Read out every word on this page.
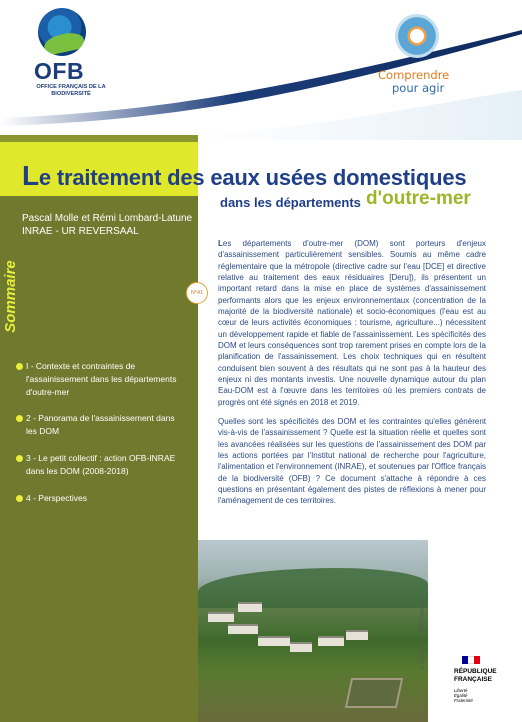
OFB
OFFICE FRANÇAIS DE LA BIODIVERSITÉ
Comprendre
pour agir
Le traitement des eaux usées domestiques
dans les départements d'outre-mer
Pascal Molle et Rémi Lombard-Latune
INRAE - UR REVERSAAL
Sommaire	N°41
I - Contexte et contraintes de l'assainissement dans les départements d'outre-mer
2 - Panorama de l'assainissement dans les DOM
3 - Le petit collectif : action OFB-INRAE dans les DOM (2008-2018)
4 - Perspectives
Les départements d'outre-mer (DOM) sont porteurs d'enjeux d'assainissement particulièrement sensibles. Soumis au même cadre réglementaire que la métropole (directive cadre sur l'eau [DCE] et directive relative au traitement des eaux résiduaires [Deru]), ils présentent un important retard dans la mise en place de systèmes d'assainissement performants alors que les enjeux environnementaux (concentration de la majorité de la biodiversité nationale) et socio-économiques (l'eau est au cœur de leurs activités économiques : tourisme, agriculture...) nécessitent un développement rapide et fiable de l'assainissement. Les spécificités des DOM et leurs conséquences sont trop rarement prises en compte lors de la planification de l'assainissement. Les choix techniques qui en résultent conduisent bien souvent à des résultats qui ne sont pas à la hauteur des enjeux ni des montants investis. Une nouvelle dynamique autour du plan Eau-DOM est à l'œuvre dans les territoires où les premiers contrats de progrès ont été signés en 2018 et 2019.
Quelles sont les spécificités des DOM et les contraintes qu'elles génèrent vis-à-vis de l'assainissement ? Quelle est la situation réelle et quelles sont les avancées réalisées sur les questions de l'assainissement des DOM par les actions portées par l'Institut national de recherche pour l'agriculture, l'alimentation et l'environnement (INRAE), et soutenues par l'Office français de la biodiversité (OFB) ? Ce document s'attache à répondre à ces questions en présentant également des pistes de réflexions à mener pour l'aménagement de ces territoires.
© Lucas Pelus - OOE Martinique
RÉPUBLIQUE
FRANÇAISE
Liberté
Égalité
Fraternité
